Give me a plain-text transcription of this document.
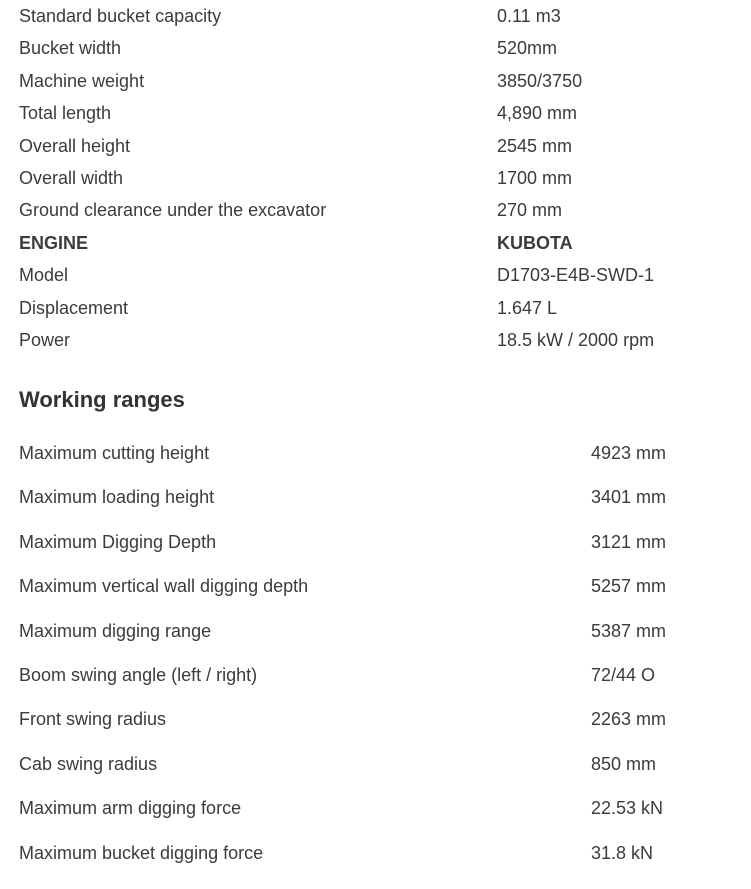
Standard bucket capacity	0.11 m3
Bucket width	520mm
Machine weight	3850/3750
Total length	4,890 mm
Overall height	2545 mm
Overall width	1700 mm
Ground clearance under the excavator	270 mm
ENGINE	KUBOTA
Model	D1703-E4B-SWD-1
Displacement	1.647 L
Power	18.5 kW / 2000 rpm
Working ranges
Maximum cutting height	4923 mm
Maximum loading height	3401 mm
Maximum Digging Depth	3121 mm
Maximum vertical wall digging depth	5257 mm
Maximum digging range	5387 mm
Boom swing angle (left / right)	72/44 O
Front swing radius	2263 mm
Cab swing radius	850 mm
Maximum arm digging force	22.53 kN
Maximum bucket digging force	31.8 kN
